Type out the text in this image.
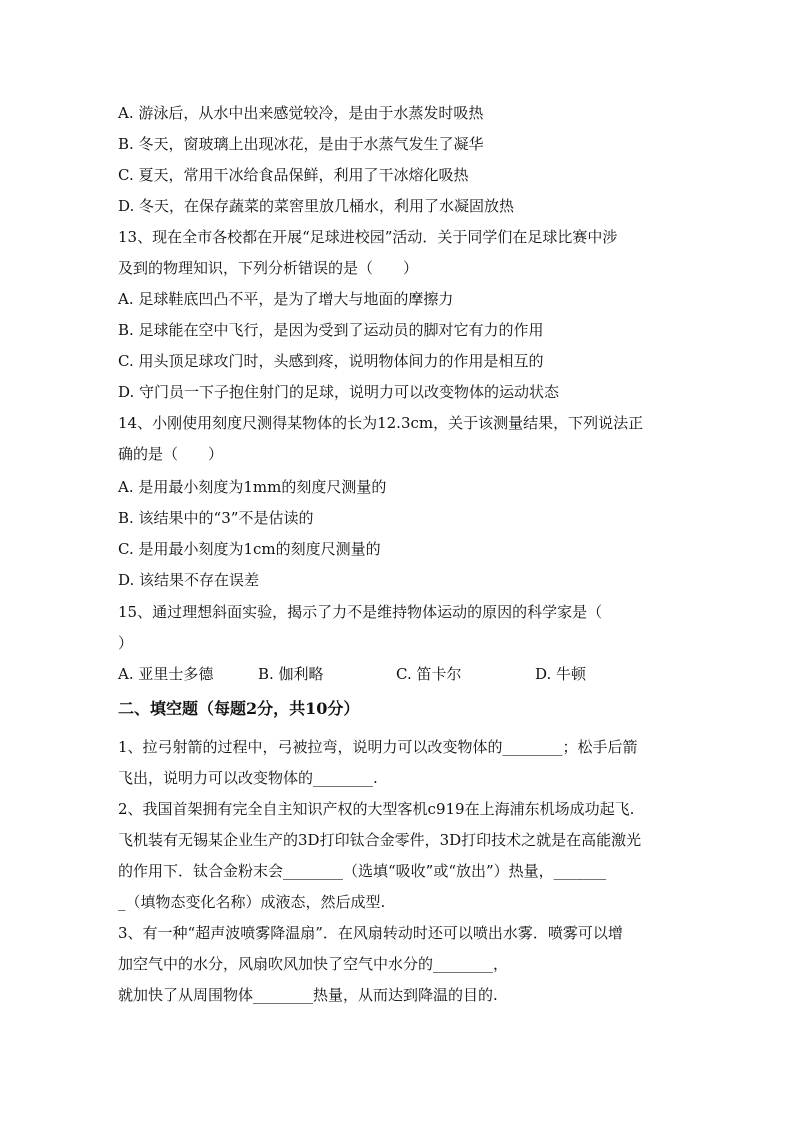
A. 游泳后，从水中出来感觉较冷，是由于水蒸发时吸热
B. 冬天，窗玻璃上出现冰花，是由于水蒸气发生了凝华
C. 夏天，常用干冰给食品保鲜，利用了干冰熔化吸热
D. 冬天，在保存蔬菜的菜窖里放几桶水，利用了水凝固放热
13、现在全市各校都在开展“足球进校园”活动．关于同学们在足球比赛中涉
及到的物理知识，下列分析错误的是（　　）
A. 足球鞋底凹凸不平，是为了增大与地面的摩擦力
B. 足球能在空中飞行，是因为受到了运动员的脚对它有力的作用
C. 用头顶足球攻门时，头感到疼，说明物体间力的作用是相互的
D. 守门员一下子抱住射门的足球，说明力可以改变物体的运动状态
14、小刚使用刻度尺测得某物体的长为12.3cm，关于该测量结果，下列说法正
确的是（　　）
A. 是用最小刻度为1mm的刻度尺测量的
B. 该结果中的“3”不是估读的
C. 是用最小刻度为1cm的刻度尺测量的
D. 该结果不存在误差
15、通过理想斜面实验，揭示了力不是维持物体运动的原因的科学家是（
）
A. 亚里士多德	B. 伽利略	C. 笛卡尔	D. 牛顿
二、填空题（每题2分，共10分）
1、拉弓射箭的过程中，弓被拉弯，说明力可以改变物体的________；松手后箭
飞出，说明力可以改变物体的________.
2、我国首架拥有完全自主知识产权的大型客机c919在上海浦东机场成功起飞.
飞机装有无锡某企业生产的3D打印钛合金零件，3D打印技术之就是在高能激光
的作用下．钛合金粉末会________（选填“吸收”或“放出”）热量，_______
_（填物态变化名称）成液态，然后成型.
3、有一种“超声波喷雾降温扇”．在风扇转动时还可以喷出水雾．喷雾可以增
加空气中的水分，风扇吹风加快了空气中水分的________，
就加快了从周围物体________热量，从而达到降温的目的.
